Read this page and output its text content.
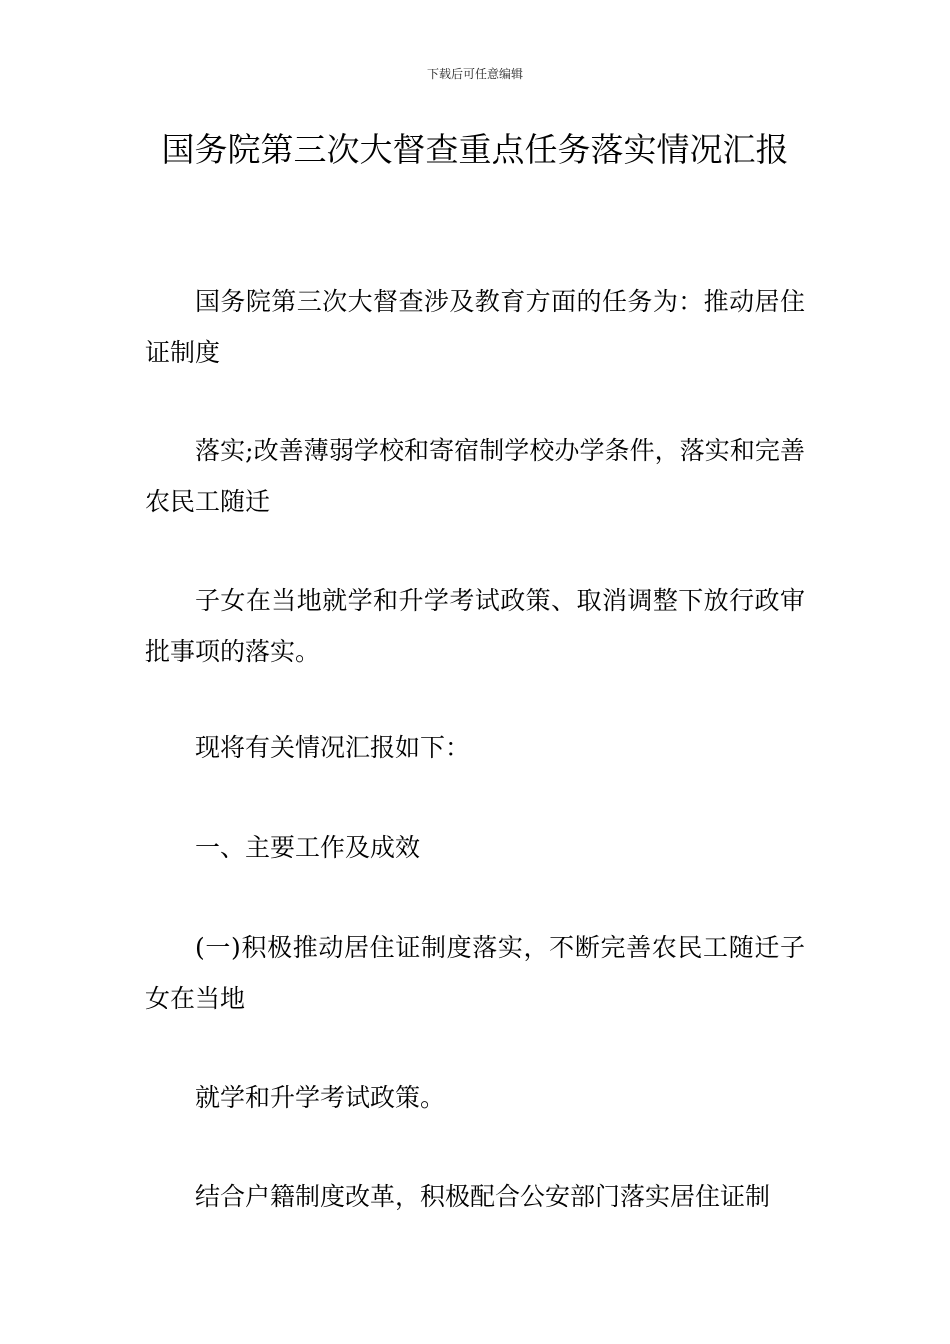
下载后可任意编辑
国务院第三次大督查重点任务落实情况汇报

国务院第三次大督查涉及教育方面的任务为：推动居住证制度

落实;改善薄弱学校和寄宿制学校办学条件，落实和完善农民工随迁

子女在当地就学和升学考试政策、取消调整下放行政审批事项的落实。

现将有关情况汇报如下：

一、主要工作及成效

(一)积极推动居住证制度落实，不断完善农民工随迁子女在当地

就学和升学考试政策。

结合户籍制度改革，积极配合公安部门落实居住证制
